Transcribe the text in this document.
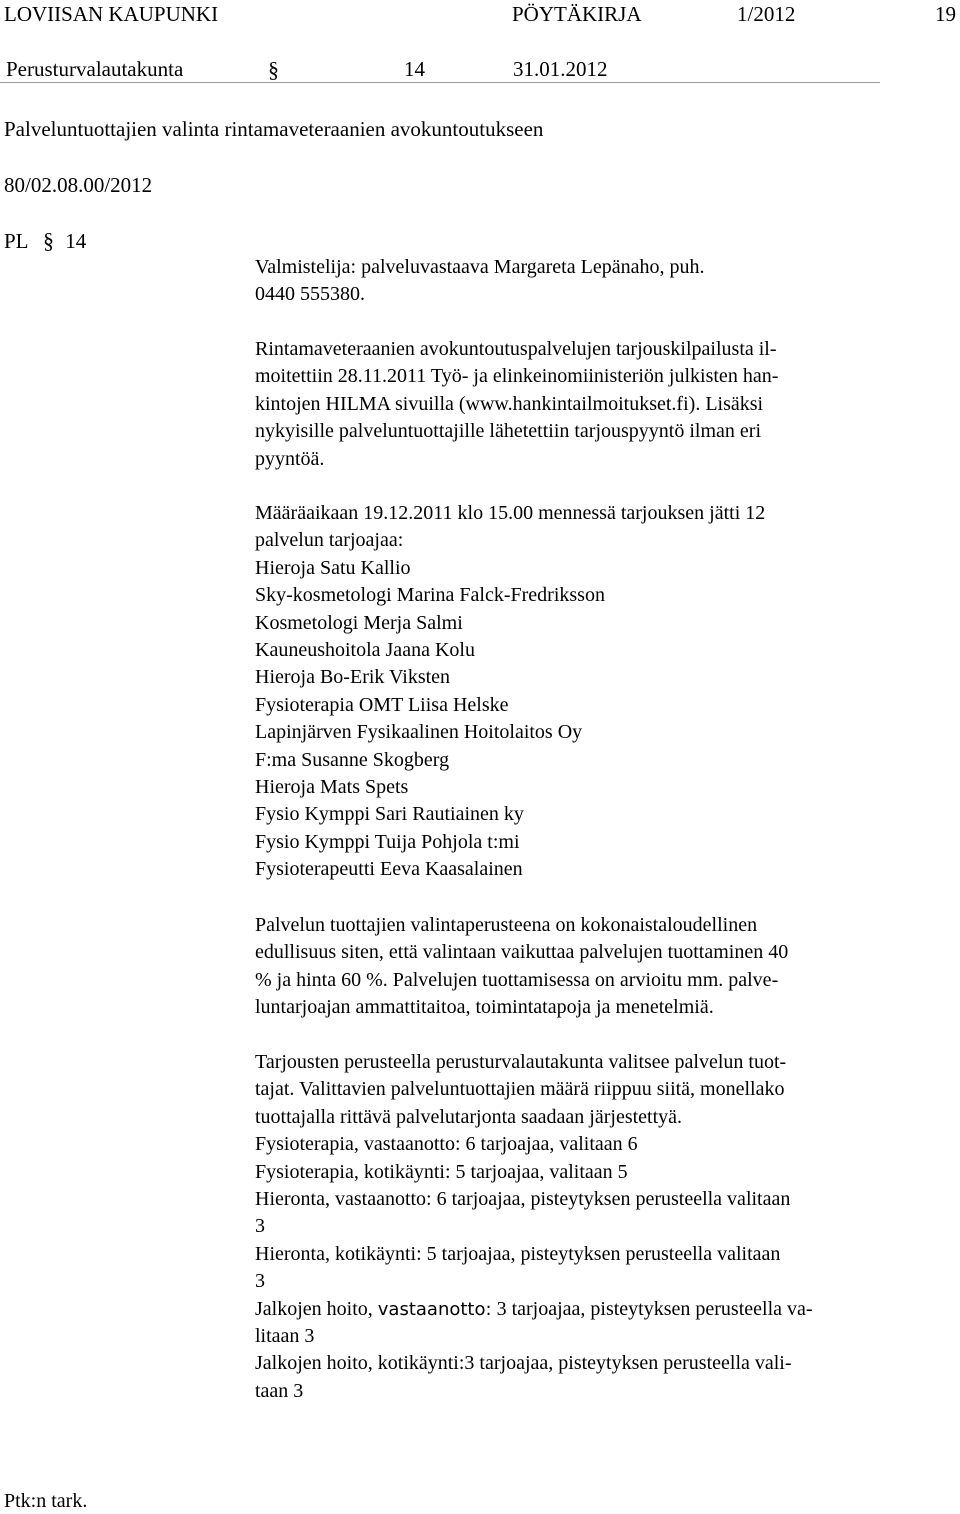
LOVIISAN KAUPUNKI	PÖYTÄKIRJA	1/2012	19
Perusturvalautakunta	§	14	31.01.2012
Palveluntuottajien valinta rintamaveteraanien avokuntoutukseen
80/02.08.00/2012
PL § 14
Valmistelija: palveluvastaava Margareta Lepänaho, puh.
0440 555380.
Rintamaveteraanien avokuntoutuspalvelujen tarjouskilpailusta il-
moitettiin 28.11.2011 Työ- ja elinkeinomiinisteriön julkisten han-
kintojen HILMA sivuilla (www.hankintailmoitukset.fi). Lisäksi
nykyisille palveluntuottajille lähetettiin tarjouspyyntö ilman eri
pyyntöä.
Määräaikaan 19.12.2011 klo 15.00 mennessä tarjouksen jätti 12
palvelun tarjoajaa:
Hieroja Satu Kallio
Sky-kosmetologi Marina Falck-Fredriksson
Kosmetologi Merja Salmi
Kauneushoitola Jaana Kolu
Hieroja Bo-Erik Viksten
Fysioterapia OMT Liisa Helske
Lapinjärven Fysikaalinen Hoitolaitos Oy
F:ma Susanne Skogberg
Hieroja Mats Spets
Fysio Kymppi Sari Rautiainen ky
Fysio Kymppi Tuija Pohjola t:mi
Fysioterapeutti Eeva Kaasalainen
Palvelun tuottajien valintaperusteena on kokonaistaloudellinen
edullisuus siten, että valintaan vaikuttaa palvelujen tuottaminen 40
% ja hinta 60 %. Palvelujen tuottamisessa on arvioitu mm. palve-
luntarjoajan ammattitaitoa, toimintatapoja ja menetelmiä.
Tarjousten perusteella perusturvalautakunta valitsee palvelun tuot-
tajat. Valittavien palveluntuottajien määrä riippuu siitä, monellako
tuottajalla rittävä palvelutarjonta saadaan järjestettyä.
Fysioterapia, vastaanotto: 6 tarjoajaa, valitaan 6
Fysioterapia, kotikäynti: 5 tarjoajaa, valitaan 5
Hieronta, vastaanotto: 6 tarjoajaa, pisteytyksen perusteella valitaan
3
Hieronta, kotikäynti: 5 tarjoajaa, pisteytyksen perusteella valitaan
3
Jalkojen hoito, vastaanotto: 3 tarjoajaa, pisteytyksen perusteella va-
litaan 3
Jalkojen hoito, kotikäynti:3 tarjoajaa, pisteytyksen perusteella vali-
taan 3
Ptk:n tark.
